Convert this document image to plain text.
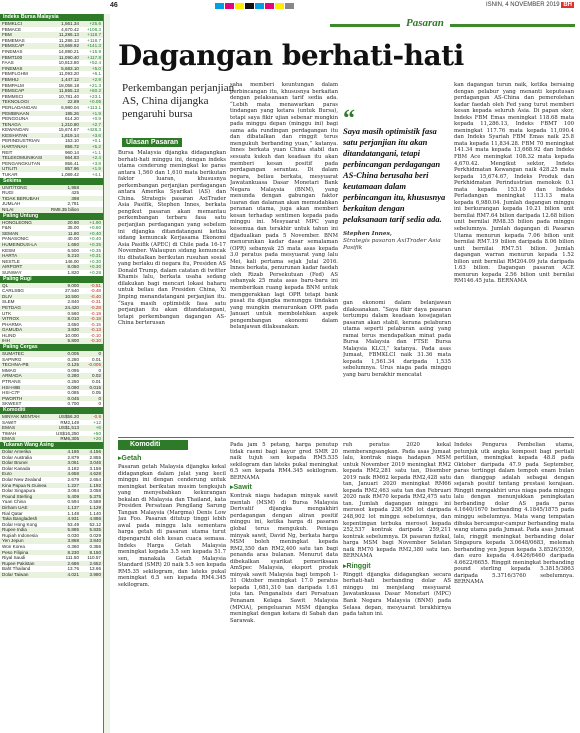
46	ISNIN, 4 NOVEMBER 2019 BH
Indeks Bursa Malaysia
FBMKLCI	1,561.34	+25.6
FBMACE	4,670.42	+108.3
FBM	11,286.13	+118.7
FBMEMAS	11,286.13	+118.7
FBMSCAP	13,668.92	+141.3
FINEMAS	14,890.21	+15.9
FBMT100	11,090.40	+117.8
FAAS	10,813.80	+52.4
FINEMAS	5,683.10	+5.0
FBMFLGHM	11,093.20	+6.1
FBMHIJ	1,447.12	+2.9
FBMPALM	18,058.18	+21.3
FBMSCAP	11,555.13	+60.2
FBMMSCI	10,781.40	+23.1
TEKNOLOGI	22.89	+0.05
PERLADANGAN	6,980.04	+113.1
PEMBINAAN	195.26	+1.9
PENGGUNA	614.20	+0.9
TENAGA	1,210.80	+2.7
KEWANGAN	15,674.67	+428.3
KESIHATAN	1,819.14	+3.6
PERINDUSTRIAN	153.10	+0.1
HARTANAH	856.72	+5.2
REIT	960.14	+1.1
TELEKOMUNIKASI	664.83	+2.4
PENGANGKUTAN	856.41	+3.8
UTILITI	857.96	+1.9
TUKAR	1,089.42	+4.1
Sekima
UNIT/TONG	1,958
RUGI	425
TIDAK BERUBAH	398
JUMLAH	2,781
NILAI	RM8.35 bilion
Paling Untung
HONGLEONG	20.90	+1.90
F&N	35.00	+0.60
SEMAN	11.80	+0.40
PANASONIC	40.00	+0.40
HUMEINDUS-LA	1.650	+0.35
KESM	6.500	+0.35
HARTA	5.210	+0.31
NESTLE	146.00	+0.30
AIRPORT	8.050	+0.30
SUNWAY	1.820	+0.28
Paling Rugi
QL	9.000	-0.51
CARLSBG	27.540	-0.48
DLIV	10.500	-0.40
SLEM	2.840	-0.31
PETDAG	24.420	-0.28
UTK	0.560	-0.19
VITROX	8.010	-0.18
PHARMA	3.650	-0.15
GAMUDA	3.830	-0.13
HLIND	10.000	-0.10
IHH	5.800	-0.10
Paling Cergas
SUMATEC	0.005	0
SAPNRG	0.280	0.01
TECHNA-PB	0.125	-0.005
MMAG	0.095	0
ARMADA	0.280	0.02
PTRANS	0.250	0.01
HSI-H8B	0.090	0.015
HSI-C7F	0.085	0.05
PWORTH	0.045	0
SKWEST	0.700	0
Komoditi
MINYAK MENTAH	US$56.20	-0.8
SAWIT	RM2,149	+12
EMAS	US$1,513	+6
TIMAH	US$16,250	+50
EMAS	RM6,305	+20
Tukaran Wang Asing
Dolar Amerika	4.186	4.156
Dolar Australia	2.879	2.855
Dolar Brunei	3.061	3.046
Dolar Kanada	3.182	3.158
Euro	4.658	4.628
Dolar New Zealand	2.679	2.654
Kina Papua N.Guinea	1.227	1.192
Dolar Singapura	3.084	3.058
Pound Sterling	5.409	5.375
Yuan China	0.594	0.588
Dirham UAE	1.137	1.129
Rial Qatar	1.148	1.140
Taka Bangladesh	4.931	4.886
Dolar Hong Kong	53.49	53.12
Rupee India	5.885	5.835
Rupiah Indonesia	0.030	0.029
Yen Jepun	3.868	3.840
Won Korea	0.360	0.356
Peso Filipina	8.230	8.150
Riyal Saudi	111.50	110.57
Rupee Pakistan	2.686	2.652
Baht Thailand	13.76	13.66
Dolar Taiwan	4.021	3.980
Pasaran
Dagangan berhati-hati
Perkembangan perjanjian AS, China dijangka pengaruhi bursa
Ulasan Pasaran
Bursa Malaysia dijangka didagangkan berhati-hati minggu ini, dengan indeks utama cenderung meningkat ke paras antara 1,560 dan 1,610 mata berikutan faktor luaran, khususnya perkembangan perjanjian perdagangan antara Amerika Syarikat (AS) dan China. Strategis pasaran AxiTrader Asia Pasifik, Stephen Innes, berkata pengikut pasaran akan memantau perkembangan terbaru fasa satu perjanjian perdagangan yang sebelum ini dijangka ditandatangani ketika sidang kemuncak Kerjasama Ekonomi Asia Pasifik (APEC) di Chile pada 16-17 November. Walaupun sidang kemuncak itu dibatalkan berikutan rusuhan sosial yang berlaku di negara itu, Presiden AS Donald Trump, dalam catatan di twitter Khamis lalu, berkata usaha sedang dilakukan bagi mencari lokasi baharu untuk beliau dan Presiden China, Xi Jinping menandatangani perjanjian itu. “Saya masih optimistik fasa satu perjanjian itu akan ditandatangani, tetapi perkembangan dagangan AS-China berterusan
saha memberi keuntungan dalam perbincangan itu, khususnya berkaitan dengan pelaksanaan tarif sedia ada. “Lebih mata menawarkan paras tindangan yang ketara (untuk Bursa), tetapi saya fikir ujian sebenar mungkin pada minggu depan (minggu ini) bagi sama ada rundingan perdagangan itu dan dibatalkan dan ringgit terus mengukuh berbanding yuan,” katanya. Innes berkata yuan China stabil dan sesuatu kukuh dan keadaan itu akan memberi kesan positif pada perdagangan serantau. Di dalam negara, beliau berkata, mesyuarat Jawatankuasa Dasar Monetari Bank Negara Malaysia (BNM), yang menunda dengan gabungan faktor luaran dan dalaman akan memudahkan peranan utama, juga akan memberi kesan terhadap sentimen kepada pada minggu ini. Mesyuarat MPC yang kesemua dan terakhir untuk tahun ini dijadualkan pada 5 November. BNM menurunkan kadar dasar semalaman (OPR) sebanyak 25 mata asas kepada 3.0 peratus pada mesyuarat yang lalu Mei, kali pertama sejak Julai 2016. Innes berkata, penurunan kadar faedah oleh Rizab Persekutuan (Fed) AS sebanyak 25 mata asas baru-baru ini memberikan ruang kepada BNM untuk menggerakkan lagi OPR tetapi bank pusat itu dijangka menunggu tindakan yang mungkin menurunkan OPR pada Januari untuk membolehkan aspek pengembangan ekonomi dalam belanjawan dilaksanakan.
“
Saya masih optimistik fasa satu perjanjian itu akan ditandatangani, tetapi perbincangan perdagangan AS-China berusaha beri keutamaan dalam perbincangan itu, khususnya berkaitan dengan pelaksanaan tarif sedia ada.
Stephen Innes,
Strategis pasaran AxiTrader Asia Pasifik
gan ekonomi dalam belanjawan dilaksanakan. “Saya fikir daya pasaran tertumpu dalam keadaan kesejagatan pasaran akan stabil, kerana pelaburan utama seperti pelaburan asing yang ramai terus mendapatkan minat pada Bursa Malaysia dan FTSE Bursa Malaysia KLCI,” katanya. Pada asas Jumaat, FBMKLCI naik 31.36 mata kepada 1,561.34 daripada 1,535 sebelumnya. Urus niaga pada minggu yang baru berakhir mencatat
kan dagangan turun naik, ketika bersaing dengan pelabur yang menanti keputusan perdagangan AS-China dan pemerolehan kadar faedah oleh Fed yang turut memberi kesan kepada seluruh Asia. Di papan skor, Indeks FBM Emas meningkat 118.68 mata kepada 11,286.13, Indeks FBMT 100 meningkat 117.76 mata kepada 11,090.4 dan Indeks Syariah FBM Emas naik 25.8 mata kepada 11,834.28. FBM 70 meningkat 141.34 mata kepada 13,668.92 dan Indeks FBM Ace meningkat 108.32 mata kepada 4,670.42. Mengikut sektor, Indeks Perkhidmatan Kewangan naik 428.25 mata kepada 15,674.67, Indeks Produk dan Perkhidmatan Perindustrian menokok 0.1 mata kepada 153.10 dan Indeks Perladangan meningkat 113.13 mata kepada 6,980.04. Jumlah dagangan minggu ini berkurangan kepada 10.21 bilion unit bernilai RM7.64 bilion daripada 12.68 bilion unit bernilai RM8.35 bilion pada minggu sebelumnya. Jumlah dagangan di Pasaran Utama menurun kepada 7.06 bilion unit bernilai RM7.19 bilion daripada 8.06 bilion unit bernilai RM7.51 bilion. Jumlah dagangan warran menurun kepada 1.52 bilion unit bernilai RM204.09 juta daripada 1.63 bilion. Dagangan pasaran ACE menurun kepada 2.56 bilion unit bernilai RM146.45 juta. BERNAMA
Komoditi
▸ Getah
Pasaran getah Malaysia dijangka kekal didagangkan dalam julat yang kecil minggu ini dengan cenderung untuk meningkat berikutan musim tengkujuh yang menyebabkan kekurangan bekalan di Malaysia dan Thailand, kata Presiden Persatuan Pengilang Sarung Tangan Malaysia (Margma) Denis Low Jau Foo. Pasaran ditutup tinggi lebih awal pada minggu lalu sementara harga getah di pasaran utama turut dipengaruhi oleh kesan cuaca semasa. Indeks Harga Getah Malaysia meningkat kepada 3.5 sen kepada 51.7 sen, manakala Getah Malaysia Standard (SMR) 20 naik 5.5 sen kepada RM5.35 sekilogram, dan lateks pukal meningkat 6.5 sen kepada RM4.345 sekilogram.
Pada jam 5 petang, harga penutup tidak rasmi bagi kayur gred SMR 20 naik tujuh sen kepada RM5.535 sekilogram dan lateks pukal meningkat 6.5 sen kepada RM4.345 sekilogram. BERNAMA
▸ Sawit
Kontrak niaga hadapan minyak sawit mentah (MSM) di Bursa Malaysia Derivatif dijangka mengakhiri perdagangan dengan aliran positif minggu ini, ketika harga di pasaran global terus mengukuh. Peniaga minyak sawit, David Ng, berkata harga MSM boleh meningkat kepada RM2,350 dan RM2,400 satu tan bagi penanda aras bulanan. Menurut data dibekalkan syarikat pemeriksaan AmSpec Malaysia, eksport produk minyak sawit Malaysia bagi tempoh 1-31 Oktober meningkat 17.0 peratus kepada 1,681,310 tan daripada 1.61 juta tan. Penganalisis dari Persatuan Penanam Kelapa Sawit Malaysia (MPOA), pengeluaran MSM dijangka meningkat dengan ketara di Sabah dan Sarawak.
ruh peratus 2020 kekal memberangsangkan. Pada asas Jumaat lalu, kontrak niaga hadapan MSM untuk November 2019 meningkat RM2 kepada RM2,281 satu tan, Disember 2019 naik RM62 kepada RM2,428 satu tan, Januari 2020 meningkat RM66 kepada RM2,463 satu tan dan Februari 2020 naik RM70 kepada RM2,475 satu tan. Jumlah dagangan minggu ini merosot kepada 238,456 lot daripada 248,902 lot minggu sebelumnya, dan kepentingan terbuka merosot kepada 252,537 kontrak daripada 259,211 kontrak sebelumnya. Di pasaran fizikal, harga MSM bagi November Selatan naik RM70 kepada RM2,380 satu tan. BERNAMA
▸ Ringgit
Ringgit dijangka didagangkan secara berhati-hati berbanding dolar AS minggu ini menjelang mesyuarat Jawatankuasa Dasar Monetari (MPC) Bank Negara Malaysia (BNM) pada Selasa depan, mesyuarat terakhirnya pada tahun ini.
Indeks Pengurus Pembelian utama, petunjuk utk angka komposit bagi pertiali pertilian, meningkat kepada 48.8 pada Oktober daripada 47.9 pada September, paras tertinggi dalam tempoh enam bulan dan dianggap adalah sebagai dengan sejarah positif tentang prestasi kerajaan. Ringgit mengakhiri urus niaga pada minggu lalu dengan menunjukkan peningkatan berbanding dolar AS pada paras 4.1640/1670 berbanding 4.1845/1875 pada minggu sebelumnya. Mata wang tempatan dibuka bercampur-campur berbanding mata wang utama pada Jumaat. Pada asas Jumaat lalu, ringgit meningkat berbanding dolar Singapura kepada 3.0648/0683, melemah berbanding yen Jepun kepada 3.8526/3559, dan euro kepada 4.6426/6460 daripada 4.6622/6655. Ringgit meningkat berbanding pound sterling kepada 5.3815/3863 daripada 5.3716/3760 sebelumnya. BERNAMA
